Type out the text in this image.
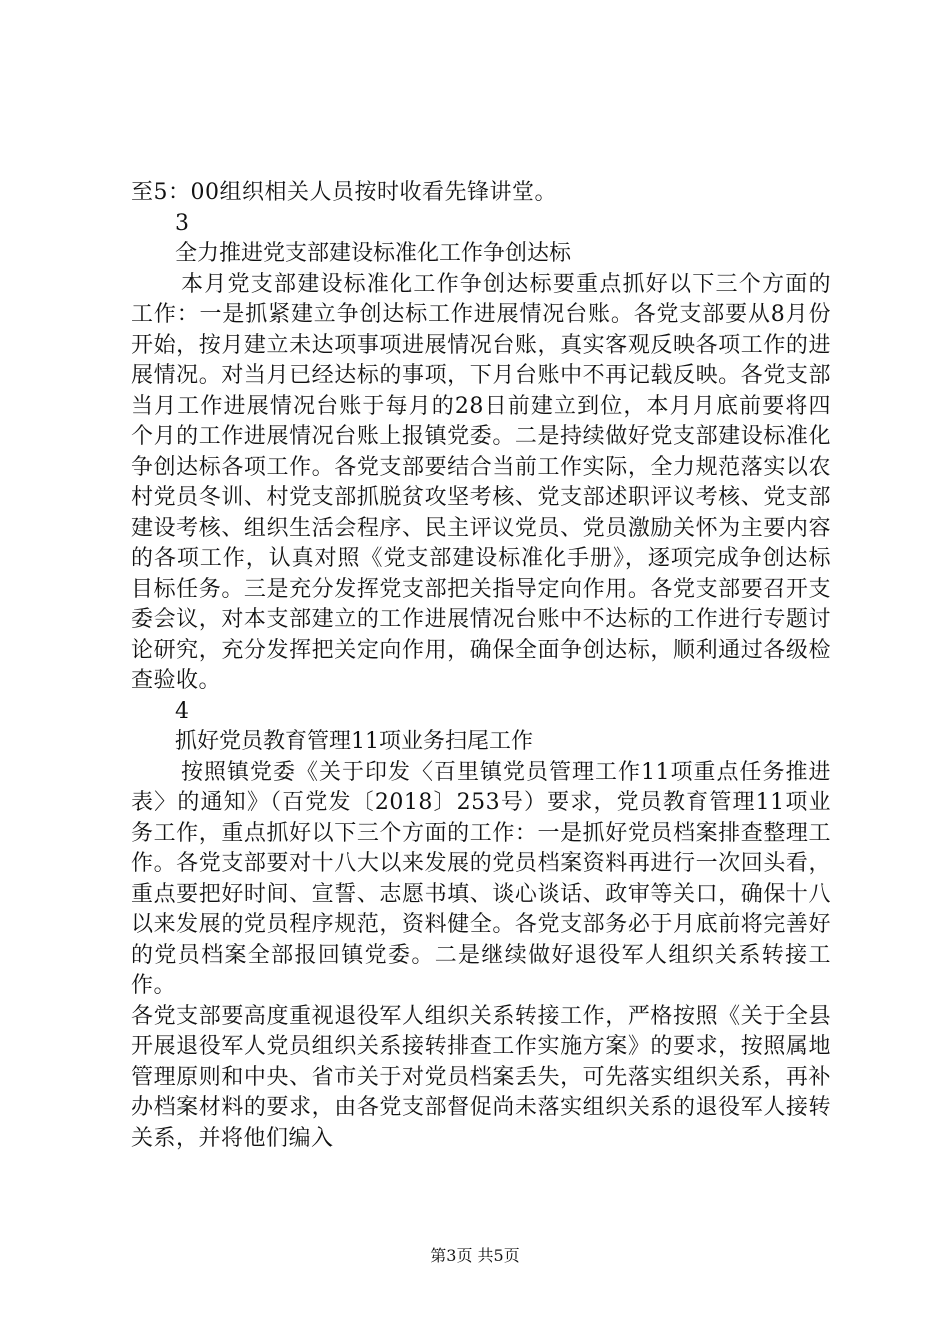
至5：00组织相关人员按时收看先锋讲堂。

3

全力推进党支部建设标准化工作争创达标

本月党支部建设标准化工作争创达标要重点抓好以下三个方面的工作：一是抓紧建立争创达标工作进展情况台账。各党支部要从8月份开始，按月建立未达项事项进展情况台账，真实客观反映各项工作的进展情况。对当月已经达标的事项，下月台账中不再记载反映。各党支部当月工作进展情况台账于每月的28日前建立到位，本月月底前要将四个月的工作进展情况台账上报镇党委。二是持续做好党支部建设标准化争创达标各项工作。各党支部要结合当前工作实际，全力规范落实以农村党员冬训、村党支部抓脱贫攻坚考核、党支部述职评议考核、党支部建设考核、组织生活会程序、民主评议党员、党员激励关怀为主要内容的各项工作，认真对照《党支部建设标准化手册》，逐项完成争创达标目标任务。三是充分发挥党支部把关指导定向作用。各党支部要召开支委会议，对本支部建立的工作进展情况台账中不达标的工作进行专题讨论研究，充分发挥把关定向作用，确保全面争创达标，顺利通过各级检查验收。

4

抓好党员教育管理11项业务扫尾工作

按照镇党委《关于印发〈百里镇党员管理工作11项重点任务推进表〉的通知》（百党发〔2018〕253号）要求，党员教育管理11项业务工作，重点抓好以下三个方面的工作：一是抓好党员档案排查整理工作。各党支部要对十八大以来发展的党员档案资料再进行一次回头看，重点要把好时间、宣誓、志愿书填、谈心谈话、政审等关口，确保十八以来发展的党员程序规范，资料健全。各党支部务必于月底前将完善好的党员档案全部报回镇党委。二是继续做好退役军人组织关系转接工作。

各党支部要高度重视退役军人组织关系转接工作，严格按照《关于全县开展退役军人党员组织关系接转排查工作实施方案》的要求，按照属地管理原则和中央、省市关于对党员档案丢失，可先落实组织关系，再补办档案材料的要求，由各党支部督促尚未落实组织关系的退役军人接转关系，并将他们编入

第3页 共5页
